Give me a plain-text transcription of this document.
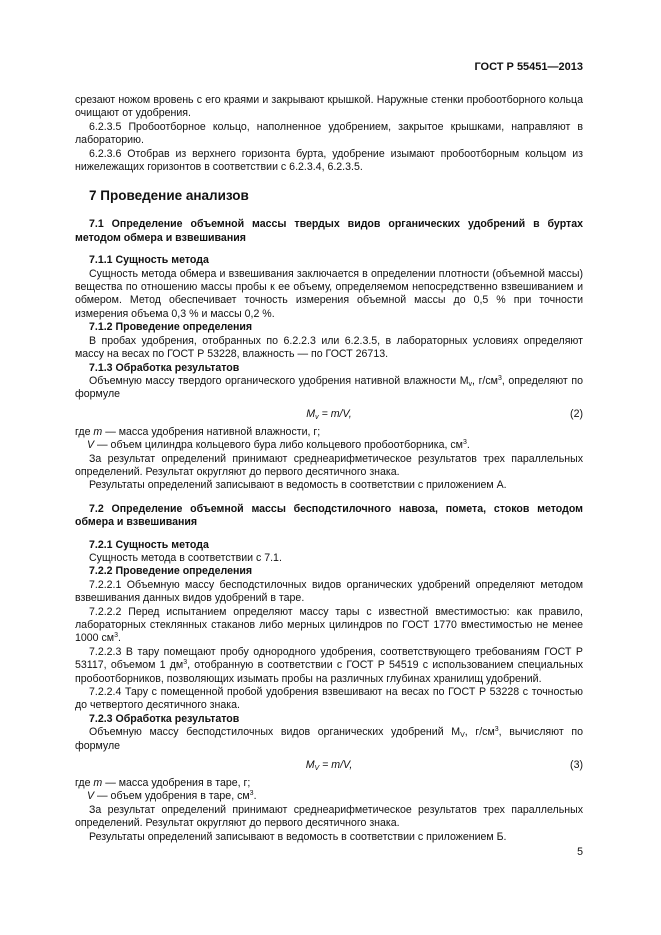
ГОСТ Р 55451—2013

срезают ножом вровень с его краями и закрывают крышкой. Наружные стенки пробоотборного кольца очищают от удобрения.

6.2.3.5 Пробоотборное кольцо, наполненное удобрением, закрытое крышками, направляют в лабораторию.

6.2.3.6 Отобрав из верхнего горизонта бурта, удобрение изымают пробоотборным кольцом из нижележащих горизонтов в соответствии с 6.2.3.4, 6.2.3.5.

7 Проведение анализов

7.1 Определение объемной массы твердых видов органических удобрений в буртах методом обмера и взвешивания

7.1.1 Сущность метода

Сущность метода обмера и взвешивания заключается в определении плотности (объемной массы) вещества по отношению массы пробы к ее объему, определяемом непосредственно взвешиванием и обмером. Метод обеспечивает точность измерения объемной массы до 0,5 % при точности измерения объема 0,3 % и массы 0,2 %.

7.1.2 Проведение определения

В пробах удобрения, отобранных по 6.2.2.3 или 6.2.3.5, в лабораторных условиях определяют массу на весах по ГОСТ Р 53228, влажность — по ГОСТ 26713.

7.1.3 Обработка результатов

Объемную массу твердого органического удобрения нативной влажности $M_v$, $г/см^3$, определяют по формуле

$M_v = m/V$,	(2)

где m — масса удобрения нативной влажности, г;

V — объем цилиндра кольцевого бура либо кольцевого пробоотборника, $см^3$.

За результат определений принимают среднеарифметическое результатов трех параллельных определений. Результат округляют до первого десятичного знака.

Результаты определений записывают в ведомость в соответствии с приложением А.

7.2 Определение объемной массы бесподстилочного навоза, помета, стоков методом обмера и взвешивания

7.2.1 Сущность метода

Сущность метода в соответствии с 7.1.

7.2.2 Проведение определения

7.2.2.1 Объемную массу бесподстилочных видов органических удобрений определяют методом взвешивания данных видов удобрений в таре.

7.2.2.2 Перед испытанием определяют массу тары с известной вместимостью: как правило, лабораторных стеклянных стаканов либо мерных цилиндров по ГОСТ 1770 вместимостью не менее 1000 $см^3$.

7.2.2.3 В тару помещают пробу однородного удобрения, соответствующего требованиям ГОСТ Р 53117, объемом 1 $дм^3$, отобранную в соответствии с ГОСТ Р 54519 с использованием специальных пробоотборников, позволяющих изымать пробы на различных глубинах хранилищ удобрений.

7.2.2.4 Тару с помещенной пробой удобрения взвешивают на весах по ГОСТ Р 53228 с точностью до четвертого десятичного знака.

7.2.3 Обработка результатов

Объемную массу бесподстилочных видов органических удобрений $M_V$, $г/см^3$, вычисляют по формуле

$M_V = m/V$,	(3)

где m — масса удобрения в таре, г;

V — объем удобрения в таре, $см^3$.

За результат определений принимают среднеарифметическое результатов трех параллельных определений. Результат округляют до первого десятичного знака.

Результаты определений записывают в ведомость в соответствии с приложением Б.

5
